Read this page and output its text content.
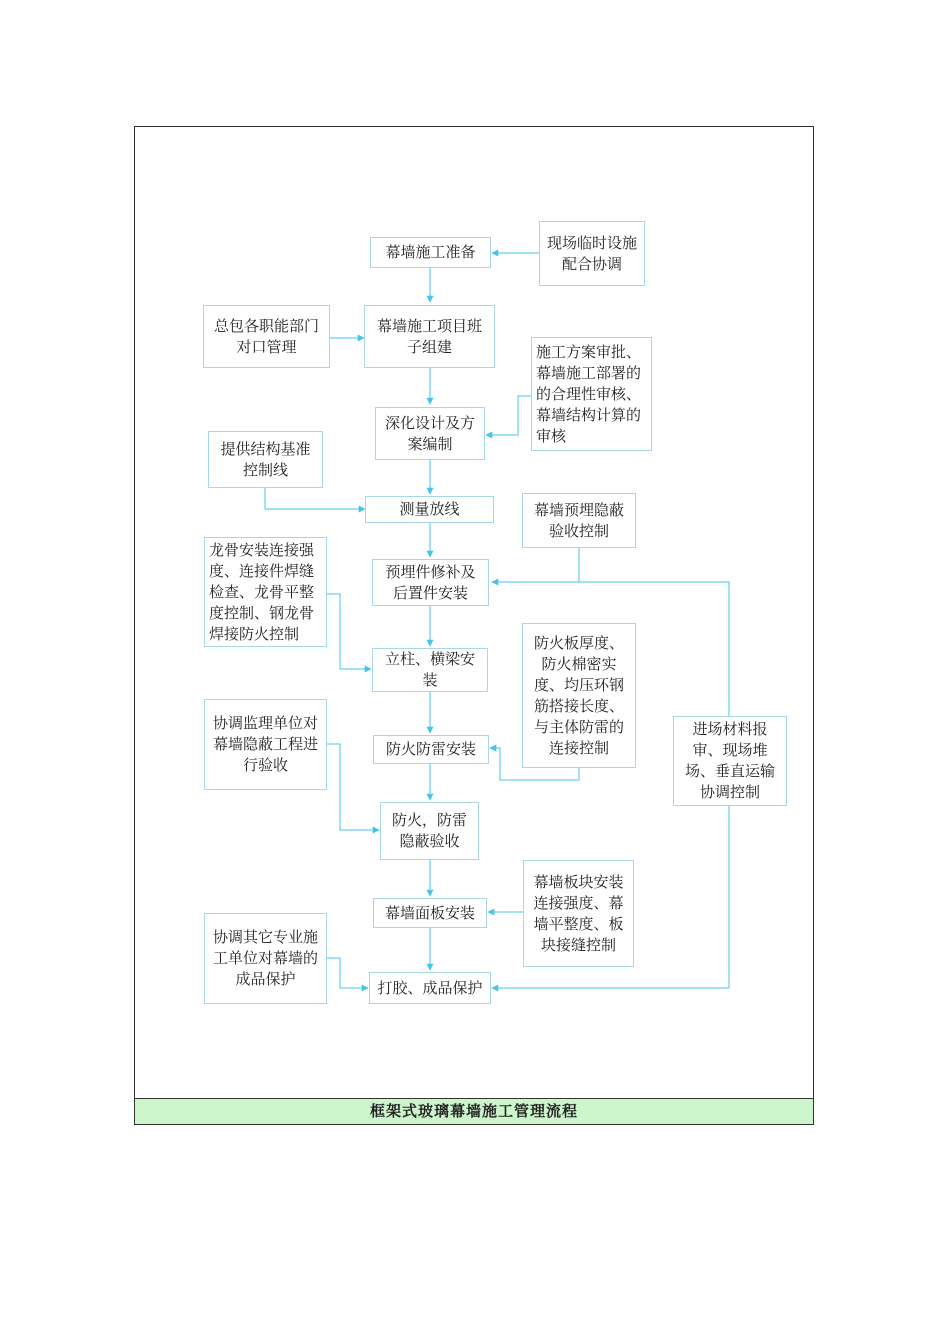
幕墙施工准备
幕墙施工项目班
子组建
深化设计及方
案编制
测量放线
预埋件修补及
后置件安装
立柱、横梁安
装
防火防雷安装
防火，防雷
隐蔽验收
幕墙面板安装
打胶、成品保护
总包各职能部门
对口管理
提供结构基准
控制线
龙骨安装连接强
度、连接件焊缝
检查、龙骨平整
度控制、钢龙骨
焊接防火控制
协调监理单位对
幕墙隐蔽工程进
行验收
协调其它专业施
工单位对幕墙的
成品保护
现场临时设施
配合协调
施工方案审批、
幕墙施工部署的
的合理性审核、
幕墙结构计算的
审核
幕墙预埋隐蔽
验收控制
防火板厚度、
防火棉密实
度、均压环钢
筋搭接长度、
与主体防雷的
连接控制
幕墙板块安装
连接强度、幕
墙平整度、板
块接缝控制
进场材料报
审、现场堆
场、垂直运输
协调控制
框架式玻璃幕墙施工管理流程
